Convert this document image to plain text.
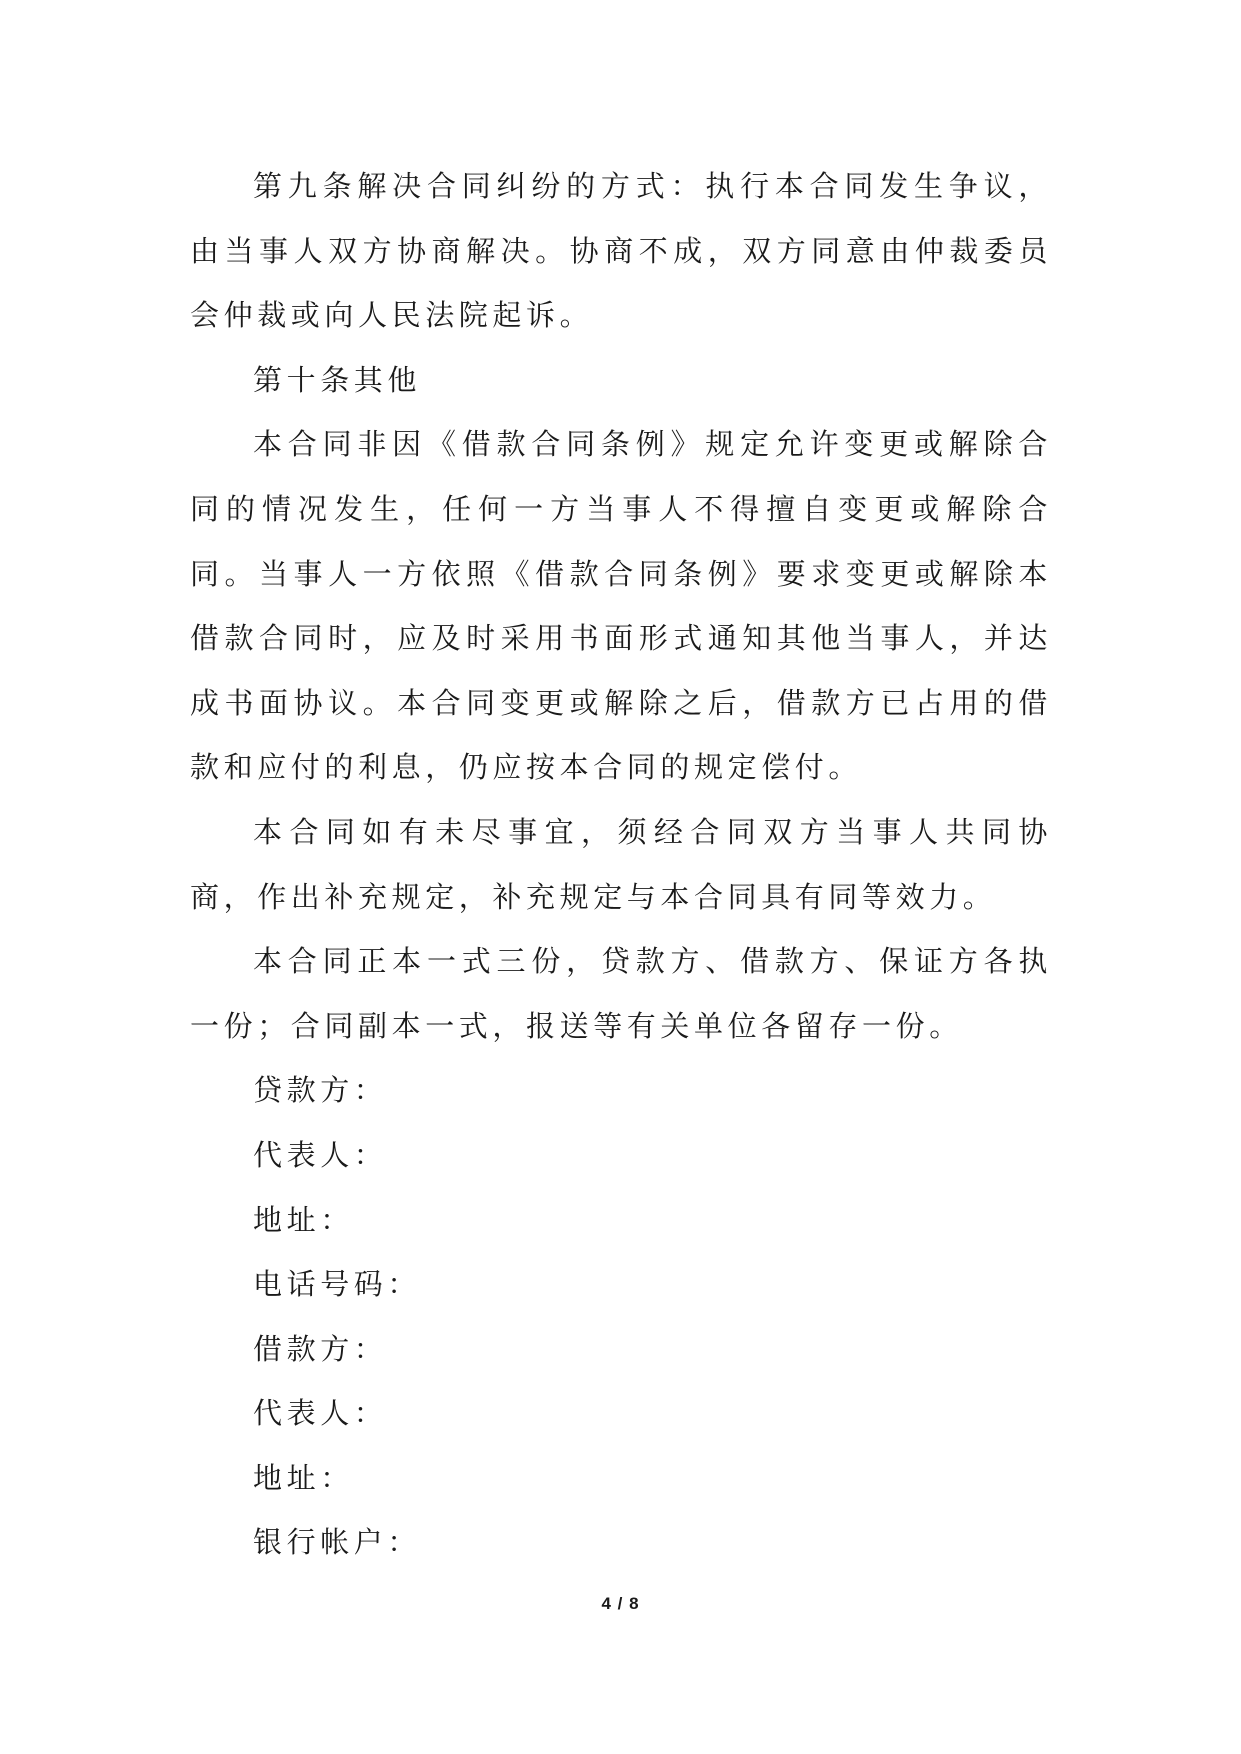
第九条解决合同纠纷的方式：执行本合同发生争议，由当事人双方协商解决。协商不成，双方同意由仲裁委员会仲裁或向人民法院起诉。

第十条其他

本合同非因《借款合同条例》规定允许变更或解除合同的情况发生，任何一方当事人不得擅自变更或解除合同。当事人一方依照《借款合同条例》要求变更或解除本借款合同时，应及时采用书面形式通知其他当事人，并达成书面协议。本合同变更或解除之后，借款方已占用的借款和应付的利息，仍应按本合同的规定偿付。

本合同如有未尽事宜，须经合同双方当事人共同协商，作出补充规定，补充规定与本合同具有同等效力。

本合同正本一式三份，贷款方、借款方、保证方各执一份；合同副本一式，报送等有关单位各留存一份。

贷款方：

代表人：

地址：

电话号码：

借款方：

代表人：

地址：

银行帐户：

4 / 8
